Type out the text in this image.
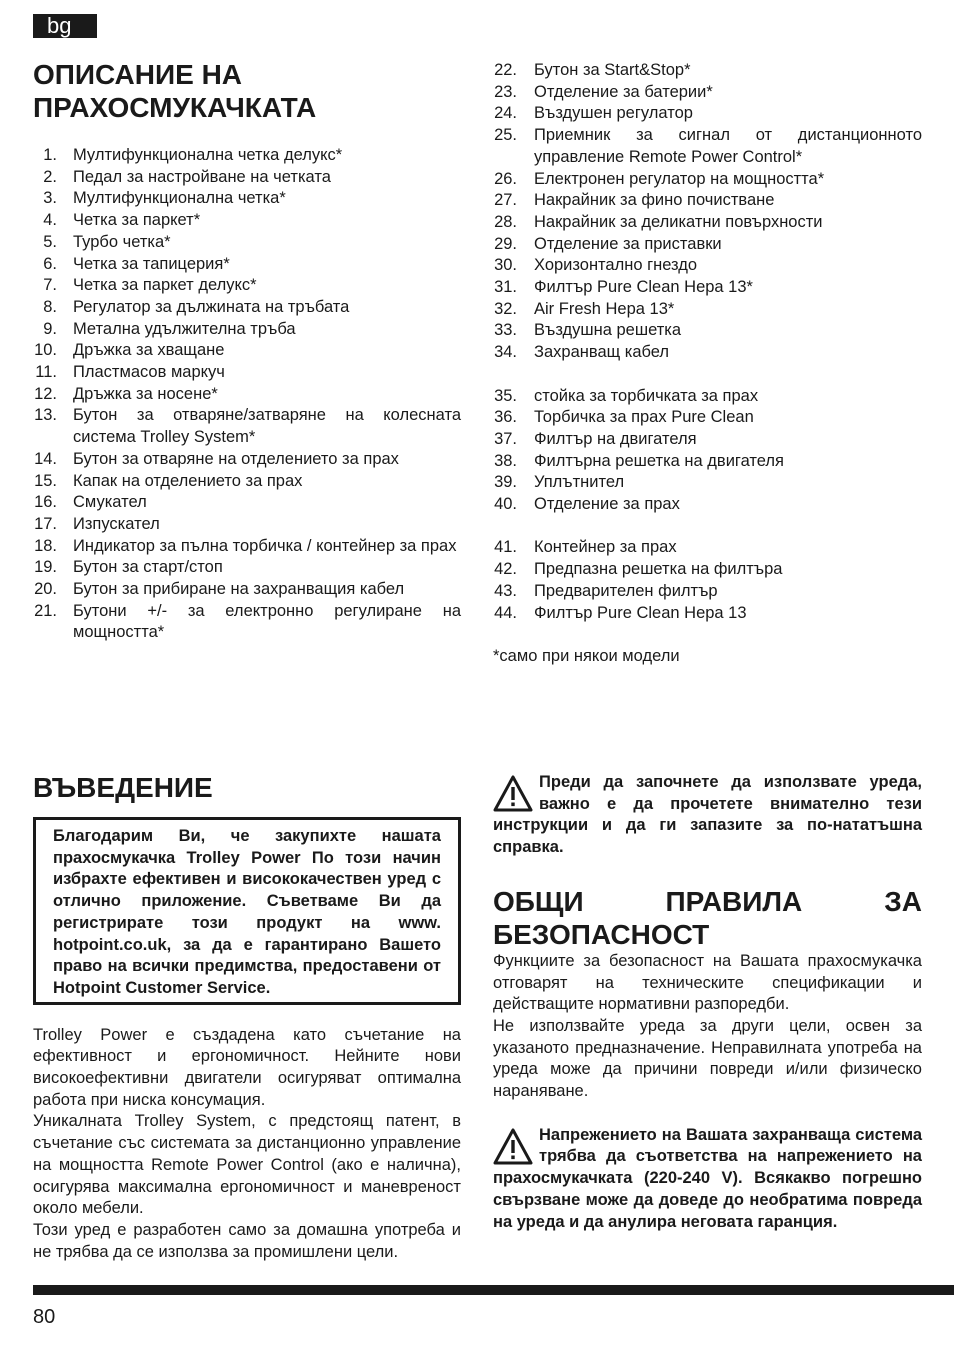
bg
ОПИСАНИЕ НА
ПРАХОСМУКАЧКАТА
1. Мултифункционална четка делукс*
2. Педал за настройване на четката
3. Мултифункционална четка*
4. Четка за паркет*
5. Турбо четка*
6. Четка за тапицерия*
7. Четка за паркет делукс*
8. Регулатор за дължината на тръбата
9. Метална удължителна тръба
10. Дръжка за хващане
11. Пластмасов маркуч
12. Дръжка за носене*
13. Бутон за отваряне/затваряне на колесната система Trolley System*
14. Бутон за отваряне на отделението за прах
15. Капак на отделението за прах
16. Смукател
17. Изпускател
18. Индикатор за пълна торбичка / контейнер за прах
19. Бутон за старт/стоп
20. Бутон за прибиране на захранващия кабел
21. Бутони +/- за електронно регулиране на мощността*
22.	Бутон за Start&Stop*
23.	Отделение за батерии*
24.	Въздушен регулатор
25.	Приемник за сигнал от дистанционното управление Remote Power Control*
26.	Електронен регулатор на мощността*
27.	Накрайник за фино почистване
28.	Накрайник за деликатни повърхности
29.	Отделение за приставки
30.	Хоризонтално гнездо
31.	Филтър Pure Clean Hepa 13*
32.	Air Fresh Hepa 13*
33.	Въздушна решетка
34.	Захранващ кабел
35.	стойка за торбичката за прах
36.	Торбичка за прах Pure Clean
37.	Филтър на двигателя
38.	Филтърна решетка на двигателя
39.	Уплътнител
40.	Отделение за прах
41.	Контейнер за прах
42.	Предпазна решетка на филтъра
43.	Предварителен филтър
44.	Филтър Pure Clean Hepa 13
*само при някои модели
ВЪВЕДЕНИЕ
Благодарим Ви, че закупихте нашата прахосмукачка Trolley Power По този начин избрахте ефективен и висококачествен уред с отлично приложение. Съветваме Ви да регистрирате този продукт на www. hotpoint.co.uk, за да е гарантирано Вашето право на всички предимства, предоставени от Hotpoint Customer Service.

Trolley Power е създадена като съчетание на ефективност и ергономичност. Нейните нови високоефективни двигатели осигуряват оптимална работа при ниска консумация.

Уникалната Trolley System, с предстоящ патент, в съчетание със системата за дистанционно управление на мощността Remote Power Control (ако е налична), осигурява максимална ергономичност и маневреност около мебели.

Този уред е разработен само за домашна употреба и не трябва да се използва за промишлени цели.

Преди да започнете да използвате уреда, важно е да прочетете внимателно тези инструкции и да ги запазите за по-нататъшна справка.
ОБЩИ	ПРАВИЛА	ЗА
БЕЗОПАСНОСТ

Функциите за безопасност на Вашата прахосмукачка отговарят на техническите спецификации и действащите нормативни разпоредби.

Не използвайте уреда за други цели, освен за указаното предназначение. Неправилната употреба на уреда може да причини повреди и/или физическо нараняване.

Напрежението на Вашата захранваща система трябва да съответства на напрежението на прахосмукачката (220-240 V). Всякакво погрешно свързване може да доведе до необратима повреда на уреда и да анулира неговата гаранция.
80
